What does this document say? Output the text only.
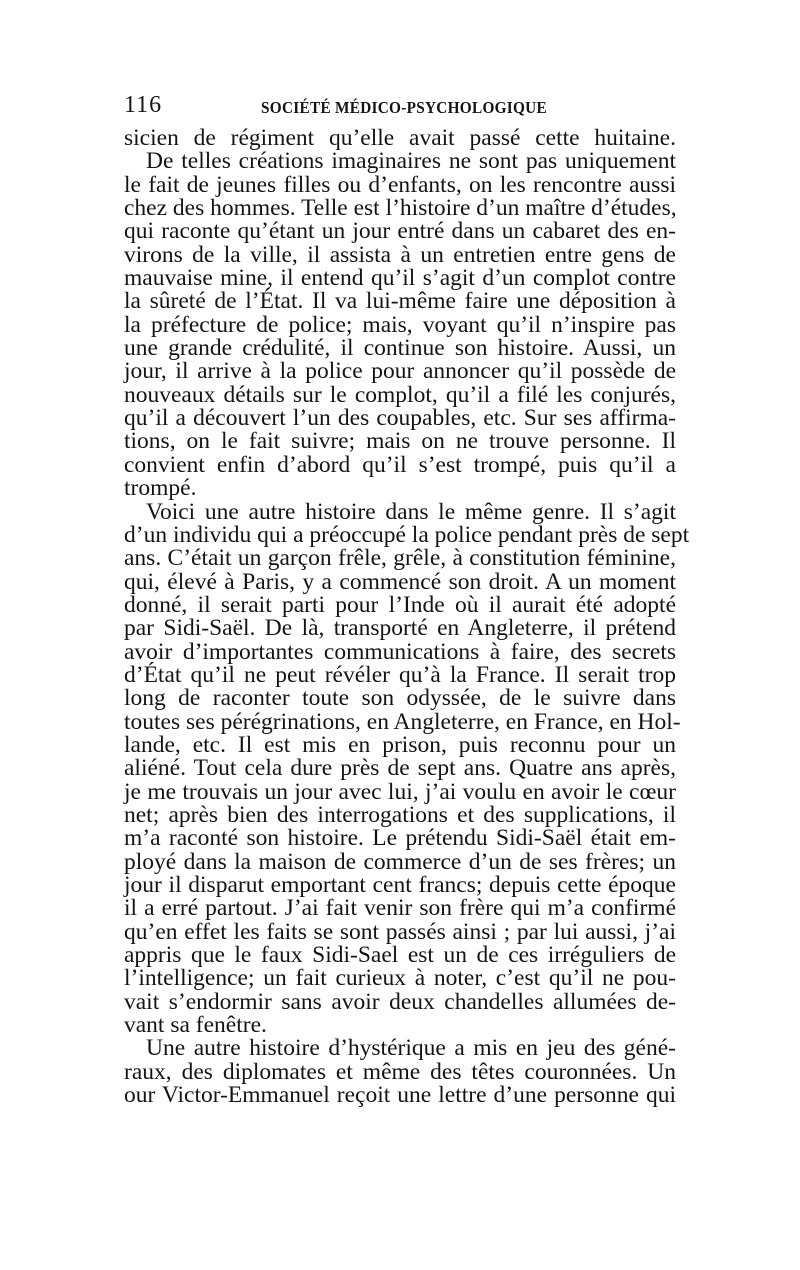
116	SOCIÉTÉ MÉDICO-PSYCHOLOGIQUE
sicien de régiment qu’elle avait passé cette huitaine.
De telles créations imaginaires ne sont pas uniquement
le fait de jeunes filles ou d’enfants, on les rencontre aussi
chez des hommes. Telle est l’histoire d’un maître d’études,
qui raconte qu’étant un jour entré dans un cabaret des en-
virons de la ville, il assista à un entretien entre gens de
mauvaise mine, il entend qu’il s’agit d’un complot contre
la sûreté de l’État. Il va lui-même faire une déposition à
la préfecture de police; mais, voyant qu’il n’inspire pas
une grande crédulité, il continue son histoire. Aussi, un
jour, il arrive à la police pour annoncer qu’il possède de
nouveaux détails sur le complot, qu’il a filé les conjurés,
qu’il a découvert l’un des coupables, etc. Sur ses affirma-
tions, on le fait suivre; mais on ne trouve personne. Il
convient enfin d’abord qu’il s’est trompé, puis qu’il a
trompé.
Voici une autre histoire dans le même genre. Il s’agit
d’un individu qui a préoccupé la police pendant près de sept
ans. C’était un garçon frêle, grêle, à constitution féminine,
qui, élevé à Paris, y a commencé son droit. A un moment
donné, il serait parti pour l’Inde où il aurait été adopté
par Sidi-Saël. De là, transporté en Angleterre, il prétend
avoir d’importantes communications à faire, des secrets
d’État qu’il ne peut révéler qu’à la France. Il serait trop
long de raconter toute son odyssée, de le suivre dans
toutes ses pérégrinations, en Angleterre, en France, en Hol-
lande, etc. Il est mis en prison, puis reconnu pour un
aliéné. Tout cela dure près de sept ans. Quatre ans après,
je me trouvais un jour avec lui, j’ai voulu en avoir le cœur
net; après bien des interrogations et des supplications, il
m’a raconté son histoire. Le prétendu Sidi-Saël était em-
ployé dans la maison de commerce d’un de ses frères; un
jour il disparut emportant cent francs; depuis cette époque
il a erré partout. J’ai fait venir son frère qui m’a confirmé
qu’en effet les faits se sont passés ainsi ; par lui aussi, j’ai
appris que le faux Sidi-Sael est un de ces irréguliers de
l’intelligence; un fait curieux à noter, c’est qu’il ne pou-
vait s’endormir sans avoir deux chandelles allumées de-
vant sa fenêtre.
Une autre histoire d’hystérique a mis en jeu des géné-
raux, des diplomates et même des têtes couronnées. Un
our Victor-Emmanuel reçoit une lettre d’une personne qui
